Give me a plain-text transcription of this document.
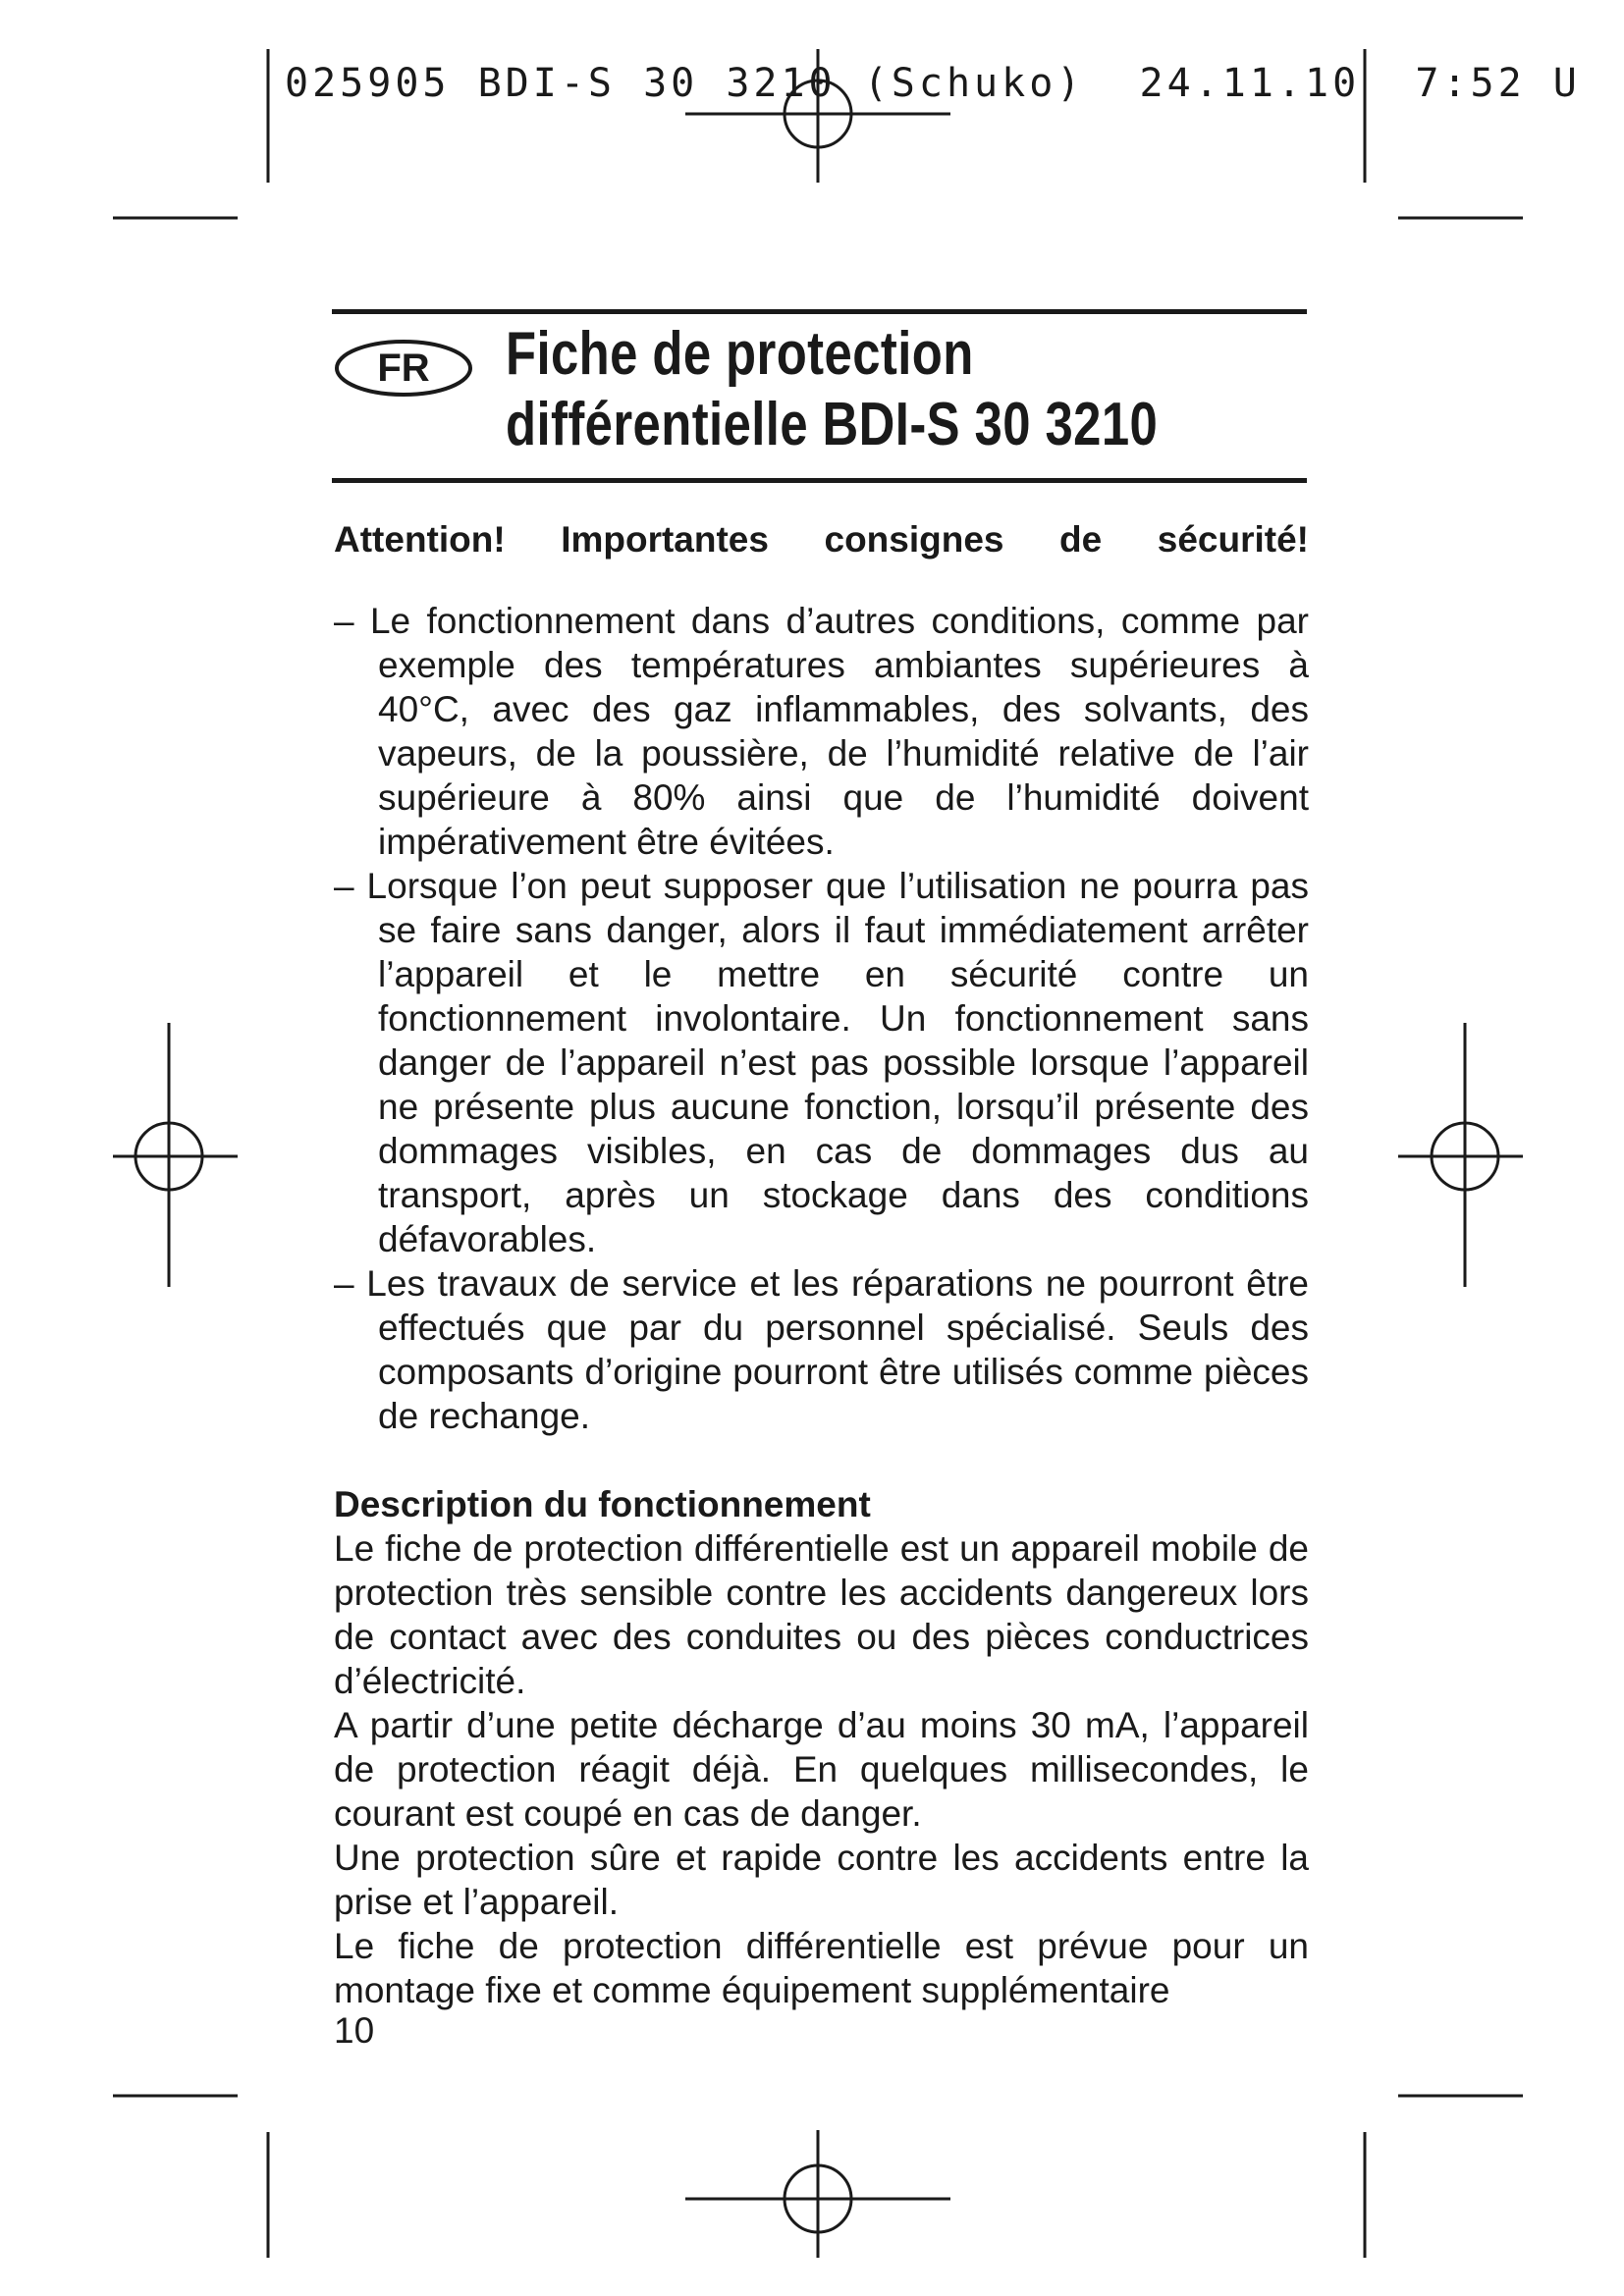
025905 BDI-S 30 3210 (Schuko)  24.11.10  7:52 U
FR	Fiche de protection
différentielle BDI-S 30 3210

Attention! Importantes consignes de sécurité!

– Le fonctionnement dans d’autres conditions, comme par exemple des températures ambiantes supérieures à 40°C, avec des gaz inflammables, des solvants, des vapeurs, de la poussière, de l’humidité relative de l’air supérieure à 80% ainsi que de l’humidité doivent impérativement être évitées.
– Lorsque l’on peut supposer que l’utilisation ne pourra pas se faire sans danger, alors il faut immédiatement arrêter l’appareil et le mettre en sécurité contre un fonctionnement involontaire. Un fonctionnement sans danger de l’appareil n’est pas possible lorsque l’appareil ne présente plus aucune fonction, lorsqu’il présente des dommages visibles, en cas de dommages dus au transport, après un stockage dans des conditions défavorables.
– Les travaux de service et les réparations ne pourront être effectués que par du personnel spécialisé. Seuls des composants d’origine pourront être utilisés comme pièces de rechange.

Description du fonctionnement

Le fiche de protection différentielle est un appareil mobile de protection très sensible contre les accidents dangereux lors de contact avec des conduites ou des pièces conductrices d’électricité.

A partir d’une petite décharge d’au moins 30 mA, l’appareil de protection réagit déjà. En quelques millisecondes, le courant est coupé en cas de danger.

Une protection sûre et rapide contre les accidents entre la prise et l’appareil.

Le fiche de protection différentielle est prévue pour un montage fixe et comme équipement supplémentaire

10
